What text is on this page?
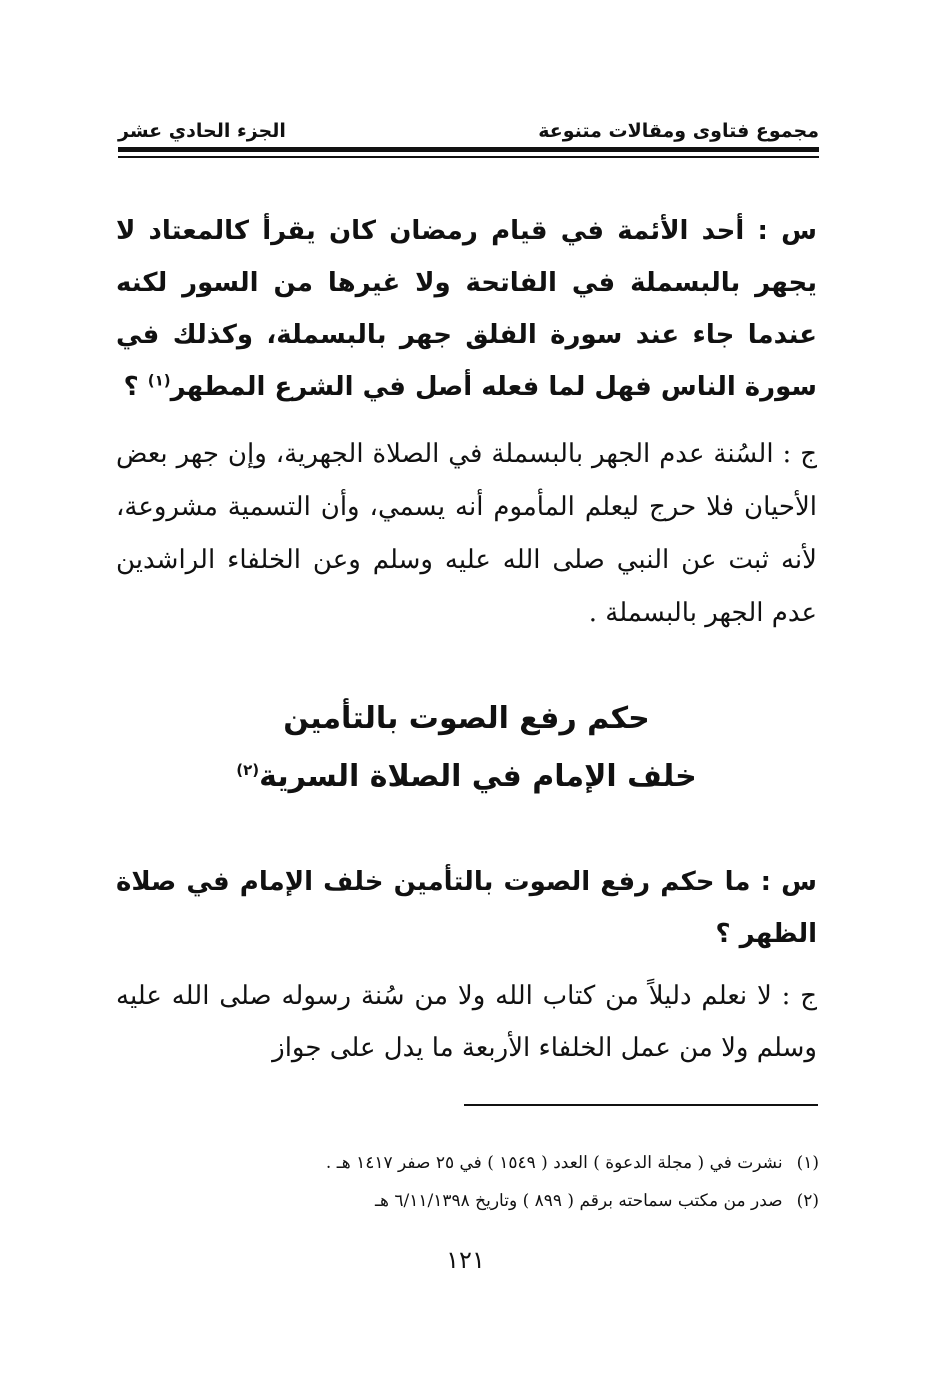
مجموع فتاوى ومقالات متنوعة
الجزء الحادي عشر

س : أحد الأئمة في قيام رمضان كان يقرأ كالمعتاد لا يجهر بالبسملة في الفاتحة ولا غيرها من السور لكنه عندما جاء عند سورة الفلق جهر بالبسملة، وكذلك في سورة الناس فهل لما فعله أصل في الشرع المطهر$^{(١)}$ ؟

ج : السُنة عدم الجهر بالبسملة في الصلاة الجهرية، وإن جهر بعض الأحيان فلا حرج ليعلم المأموم أنه يسمي، وأن التسمية مشروعة، لأنه ثبت عن النبي صلى الله عليه وسلم وعن الخلفاء الراشدين عدم الجهر بالبسملة .

حكم رفع الصوت بالتأمين
خلف الإمام في الصلاة السرية$^{(٢)}$

س : ما حكم رفع الصوت بالتأمين خلف الإمام في صلاة الظهر ؟

ج : لا نعلم دليلاً من كتاب الله ولا من سُنة رسوله صلى الله عليه وسلم ولا من عمل الخلفاء الأربعة ما يدل على جواز

(١)
نشرت في ( مجلة الدعوة ) العدد ( ١٥٤٩ ) في ٢٥ صفر ١٤١٧ هـ .
(٢)
صدر من مكتب سماحته برقم ( ٨٩٩ ) وتاريخ ٦/١١/١٣٩٨ هـ
١٢١
